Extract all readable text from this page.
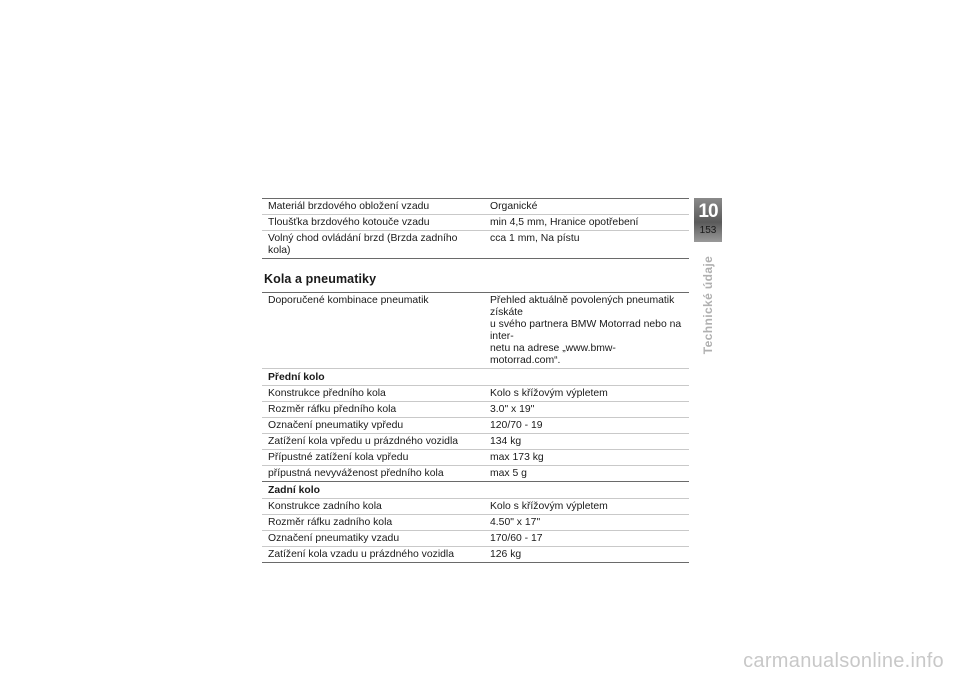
Materiál brzdového obložení vzadu	Organické
Tloušťka brzdového kotouče vzadu	min 4,5 mm, Hranice opotřebení
Volný chod ovládání brzd (Brzda zadního kola)	cca 1 mm, Na pístu
Kola a pneumatiky
Doporučené kombinace pneumatik	Přehled aktuálně povolených pneumatik získáte
u svého partnera BMW Motorrad nebo na inter-
netu na adrese „www.bmw-motorrad.com“.

Přední kolo	
Konstrukce předního kola	Kolo s křížovým výpletem
Rozměr ráfku předního kola	3.0" x 19"
Označení pneumatiky vpředu	120/70 - 19
Zatížení kola vpředu u prázdného vozidla	134 kg
Přípustné zatížení kola vpředu	max 173 kg
přípustná nevyváženost předního kola	max 5 g
Zadní kolo	
Konstrukce zadního kola	Kolo s křížovým výpletem
Rozměr ráfku zadního kola	4.50" x 17"
Označení pneumatiky vzadu	170/60 - 17
Zatížení kola vzadu u prázdného vozidla	126 kg
10
153
Technické údaje
carmanualsonline.info
